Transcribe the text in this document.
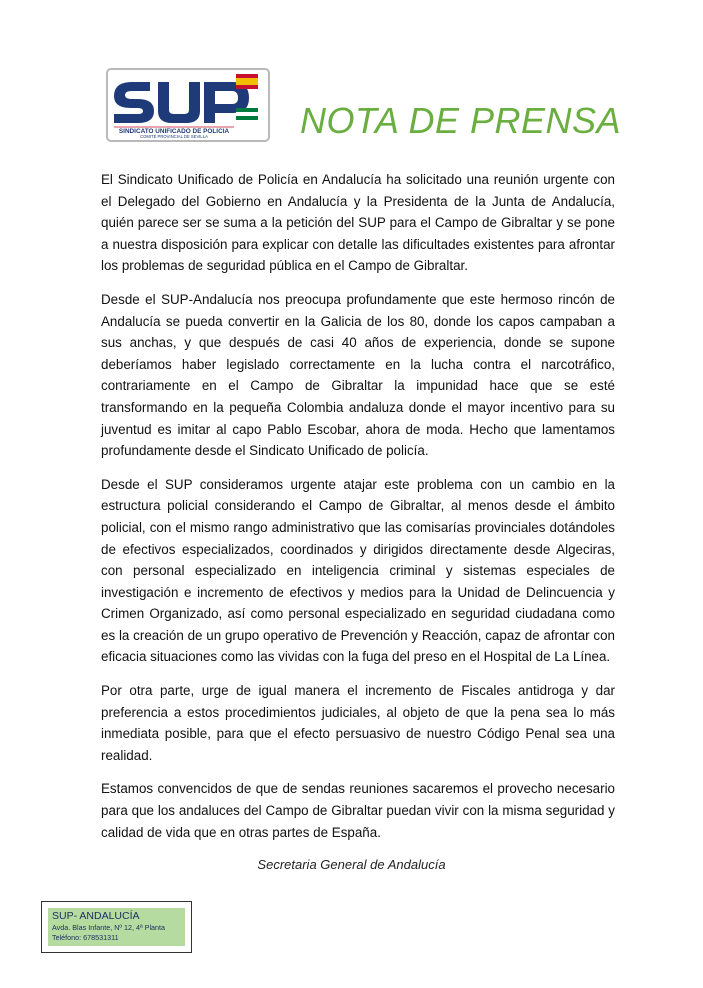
SINDICATO UNIFICADO DE POLICIA
COMITÉ PROVINCIAL DE SEVILLA	NOTA DE PRENSA

El Sindicato Unificado de Policía en Andalucía ha solicitado una reunión urgente con el Delegado del Gobierno en Andalucía y la Presidenta de la Junta de Andalucía, quién parece ser se suma a la petición del SUP para el Campo de Gibraltar y se pone a nuestra disposición para explicar con detalle las dificultades existentes para afrontar los problemas de seguridad pública en el Campo de Gibraltar.

Desde el SUP-Andalucía nos preocupa profundamente que este hermoso rincón de Andalucía se pueda convertir en la Galicia de los 80, donde los capos campaban a sus anchas, y que después de casi 40 años de experiencia, donde se supone deberíamos haber legislado correctamente en la lucha contra el narcotráfico, contrariamente en el Campo de Gibraltar la impunidad hace que se esté transformando en la pequeña Colombia andaluza donde el mayor incentivo para su juventud es imitar al capo Pablo Escobar, ahora de moda. Hecho que lamentamos profundamente desde el Sindicato Unificado de policía.

Desde el SUP consideramos urgente atajar este problema con un cambio en la estructura policial considerando el Campo de Gibraltar, al menos desde el ámbito policial, con el mismo rango administrativo que las comisarías provinciales dotándoles de efectivos especializados, coordinados y dirigidos directamente desde Algeciras, con personal especializado en inteligencia criminal y sistemas especiales de investigación e incremento de efectivos y medios para la Unidad de Delincuencia y Crimen Organizado, así como personal especializado en seguridad ciudadana como es la creación de un grupo operativo de Prevención y Reacción, capaz de afrontar con eficacia situaciones como las vividas con la fuga del preso en el Hospital de La Línea.

Por otra parte, urge de igual manera el incremento de Fiscales antidroga y dar preferencia a estos procedimientos judiciales, al objeto de que la pena sea lo más inmediata posible, para que el efecto persuasivo de nuestro Código Penal sea una realidad.

Estamos convencidos de que de sendas reuniones sacaremos el provecho necesario para que los andaluces del Campo de Gibraltar puedan vivir con la misma seguridad y calidad de vida que en otras partes de España.

Secretaria General de Andalucía
SUP- ANDALUCÍA
Avda. Blas Infante, Nº 12, 4ª Planta
Teléfono: 678531311
